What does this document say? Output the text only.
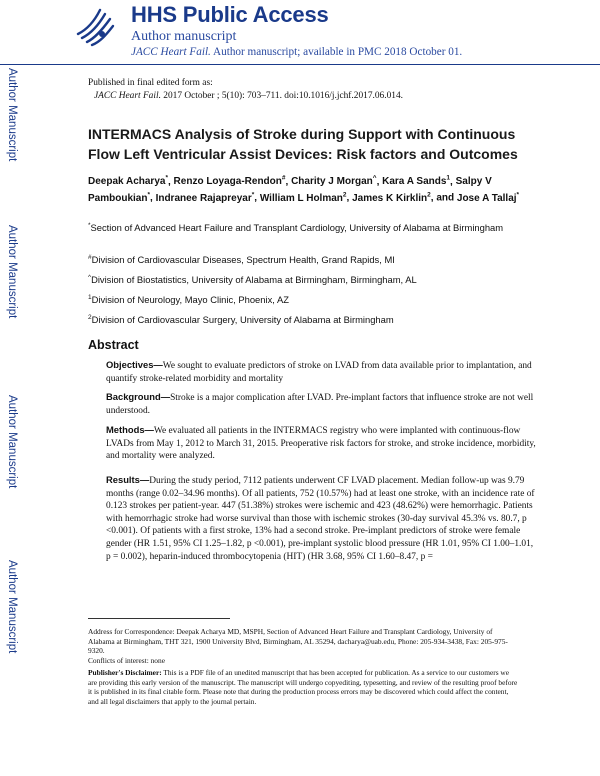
HHS Public Access
Author manuscript
JACC Heart Fail. Author manuscript; available in PMC 2018 October 01.
Author Manuscript
Author Manuscript
Author Manuscript
Author Manuscript
Published in final edited form as:
JACC Heart Fail. 2017 October ; 5(10): 703–711. doi:10.1016/j.jchf.2017.06.014.
INTERMACS Analysis of Stroke during Support with Continuous Flow Left Ventricular Assist Devices: Risk factors and Outcomes
Deepak Acharya*, Renzo Loyaga-Rendon#, Charity J Morgan^, Kara A Sands$^1$, Salpy V Pamboukian*, Indranee Rajapreyar*, William L Holman$^2$, James K Kirklin$^2$, and Jose A Tallaj*
*Section of Advanced Heart Failure and Transplant Cardiology, University of Alabama at Birmingham
#Division of Cardiovascular Diseases, Spectrum Health, Grand Rapids, MI
^Division of Biostatistics, University of Alabama at Birmingham, Birmingham, AL
$^1$Division of Neurology, Mayo Clinic, Phoenix, AZ
$^2$Division of Cardiovascular Surgery, University of Alabama at Birmingham
Abstract
Objectives—We sought to evaluate predictors of stroke on LVAD from data available prior to implantation, and quantify stroke-related morbidity and mortality
Background—Stroke is a major complication after LVAD. Pre-implant factors that influence stroke are not well understood.
Methods—We evaluated all patients in the INTERMACS registry who were implanted with continuous-flow LVADs from May 1, 2012 to March 31, 2015. Preoperative risk factors for stroke, and stroke incidence, morbidity, and mortality were analyzed.
Results—During the study period, 7112 patients underwent CF LVAD placement. Median follow-up was 9.79 months (range 0.02–34.96 months). Of all patients, 752 (10.57%) had at least one stroke, with an incidence rate of 0.123 strokes per patient-year. 447 (51.38%) strokes were ischemic and 423 (48.62%) were hemorrhagic. Patients with hemorrhagic stroke had worse survival than those with ischemic strokes (30-day survival 45.3% vs. 80.7, p <0.001). Of patients with a first stroke, 13% had a second stroke. Pre-implant predictors of stroke were female gender (HR 1.51, 95% CI 1.25–1.82, p <0.001), pre-implant systolic blood pressure (HR 1.01, 95% CI 1.00–1.01, p = 0.002), heparin-induced thrombocytopenia (HIT) (HR 3.68, 95% CI 1.60–8.47, p =
Address for Correspondence: Deepak Acharya MD, MSPH, Section of Advanced Heart Failure and Transplant Cardiology, University of Alabama at Birmingham, THT 321, 1900 University Blvd, Birmingham, AL 35294, dacharya@uab.edu, Phone: 205-934-3438, Fax: 205-975-9320.
Conflicts of interest: none
Publisher's Disclaimer: This is a PDF file of an unedited manuscript that has been accepted for publication. As a service to our customers we are providing this early version of the manuscript. The manuscript will undergo copyediting, typesetting, and review of the resulting proof before it is published in its final citable form. Please note that during the production process errors may be discovered which could affect the content, and all legal disclaimers that apply to the journal pertain.
